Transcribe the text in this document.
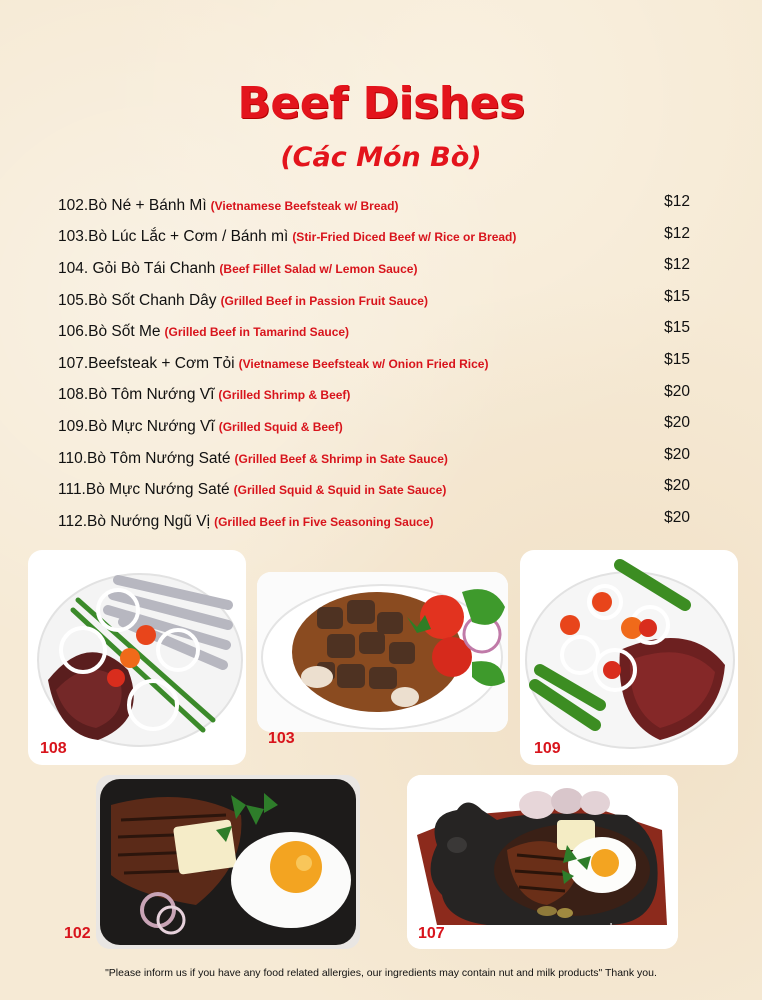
Beef Dishes
(Các Món Bò)
102.Bò Né + Bánh Mì (Vietnamese Beefsteak w/ Bread)	$12
103.Bò Lúc Lắc + Cơm / Bánh mì (Stir-Fried Diced Beef w/ Rice or Bread)	$12
104. Gỏi Bò Tái Chanh (Beef Fillet Salad w/ Lemon Sauce)	$12
105.Bò Sốt Chanh Dây (Grilled Beef in Passion Fruit Sauce)	$15
106.Bò Sốt Me (Grilled Beef in Tamarind Sauce)	$15
107.Beefsteak + Cơm Tỏi (Vietnamese Beefsteak w/ Onion Fried Rice)	$15
108.Bò Tôm Nướng Vĩ (Grilled Shrimp & Beef)	$20
109.Bò Mực Nướng Vĩ (Grilled Squid & Beef)	$20
110.Bò Tôm Nướng Saté (Grilled Beef & Shrimp in Sate Sauce)	$20
111.Bò Mực Nướng Saté (Grilled Squid & Squid in Sate Sauce)	$20
112.Bò Nướng Ngũ Vị (Grilled Beef in Five Seasoning Sauce)	$20
108
103
109
102	107	menupix
"Please inform us if you have any food related allergies, our ingredients may contain nut and milk products" Thank you.
